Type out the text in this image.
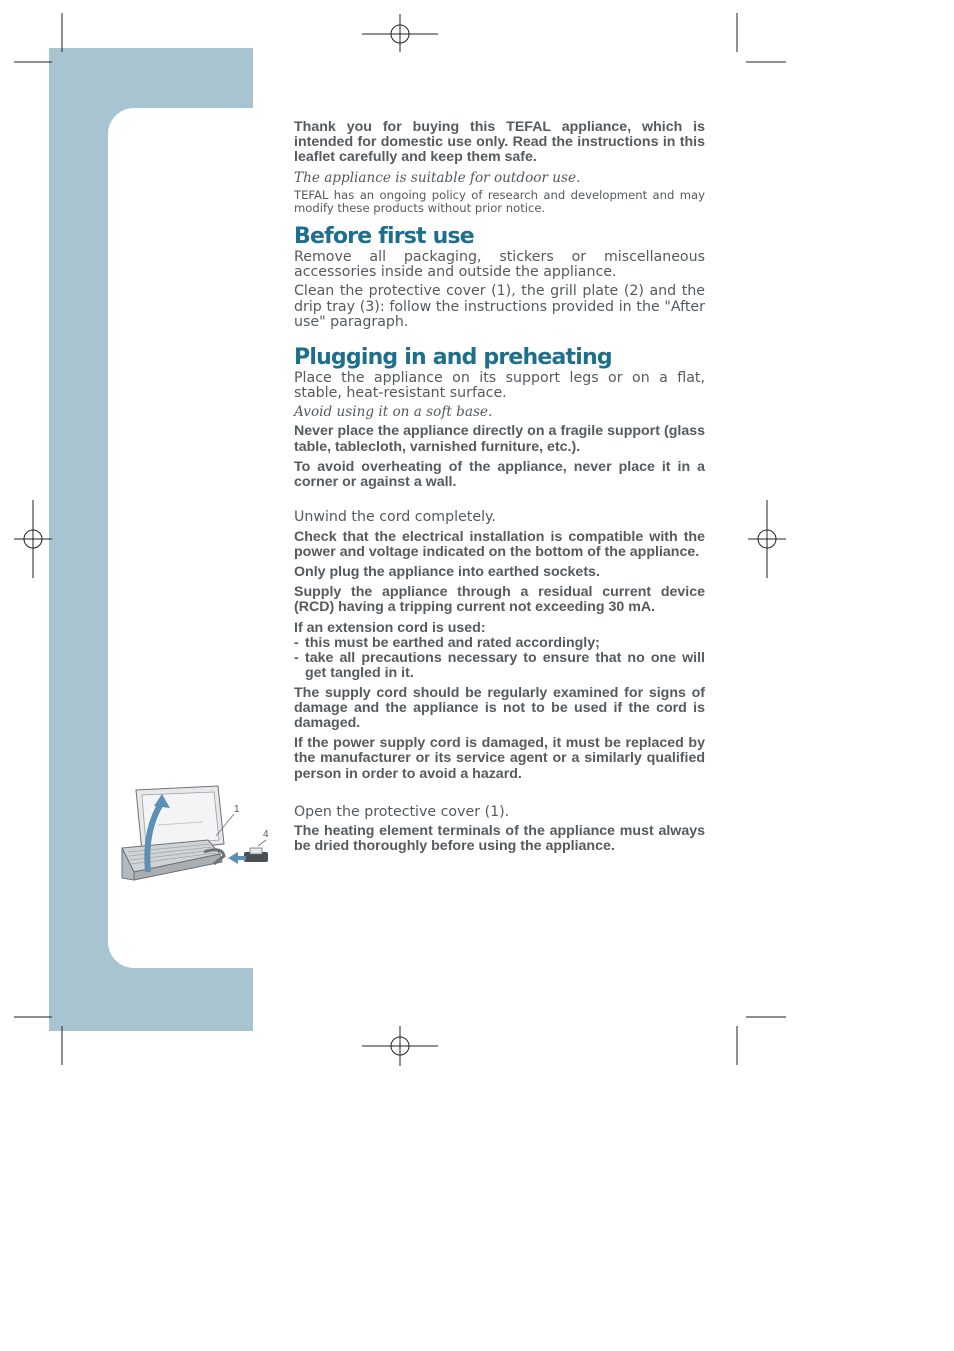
1
4

Thank you for buying this TEFAL appliance, which is intended for domestic use only. Read the instructions in this leaflet carefully and keep them safe.

The appliance is suitable for outdoor use.

TEFAL has an ongoing policy of research and development and may modify these products without prior notice.

Before first use

Remove all packaging, stickers or miscellaneous accessories inside and outside the appliance.

Clean the protective cover (1), the grill plate (2) and the drip tray (3): follow the instructions provided in the "After use" paragraph.

Plugging in and preheating

Place the appliance on its support legs or on a flat, stable, heat-resistant surface.

Avoid using it on a soft base.

Never place the appliance directly on a fragile support (glass table, tablecloth, varnished furniture, etc.).

To avoid overheating of the appliance, never place it in a corner or against a wall.

Unwind the cord completely.

Check that the electrical installation is compatible with the power and voltage indicated on the bottom of the appliance.

Only plug the appliance into earthed sockets.

Supply the appliance through a residual current device (RCD) having a tripping current not exceeding 30 mA.

If an extension cord is used:

- this must be earthed and rated accordingly;
- take all precautions necessary to ensure that no one will get tangled in it.

The supply cord should be regularly examined for signs of damage and the appliance is not to be used if the cord is damaged.

If the power supply cord is damaged, it must be replaced by the manufacturer or its service agent or a similarly qualified person in order to avoid a hazard.

Open the protective cover (1).

The heating element terminals of the appliance must always be dried thoroughly before using the appliance.
